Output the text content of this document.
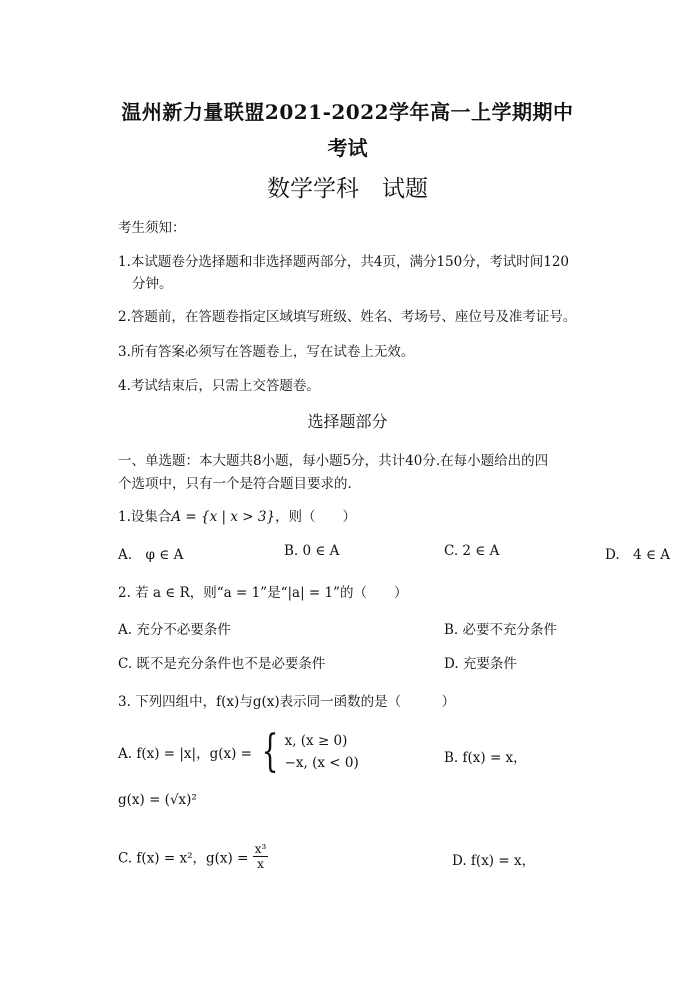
温州新力量联盟2021-2022学年高一上学期期中
考试
数学学科　试题
考生须知：
1.本试题卷分选择题和非选择题两部分，共4页，满分150分，考试时间120
分钟。
2.答题前，在答题卷指定区域填写班级、姓名、考场号、座位号及准考证号。
3.所有答案必须写在答题卷上，写在试卷上无效。
4.考试结束后，只需上交答题卷。
选择题部分
一、单选题：本大题共8小题，每小题5分，共计40分.在每小题给出的四
个选项中，只有一个是符合题目要求的.
1.设集合A = {x | x > 3}，则（　　）
A.　φ ∈ A	B. 0 ∈ A	C. 2 ∈ A	D.　4 ∈ A
2. 若 a ∈ R，则“a = 1”是“|a| = 1”的（　　）
A. 充分不必要条件	B. 必要不充分条件
C. 既不是充分条件也不是必要条件	D. 充要条件
3. 下列四组中，f(x)与g(x)表示同一函数的是（　　　）
A. f(x) = |x|，g(x) = { x, (x ≥ 0)
−x, (x < 0)	B. f(x) = x，
g(x) = (√x)²
C. f(x) = x²，$g(x) = \frac{\text{x³}}{x}$	D. f(x) = x，
